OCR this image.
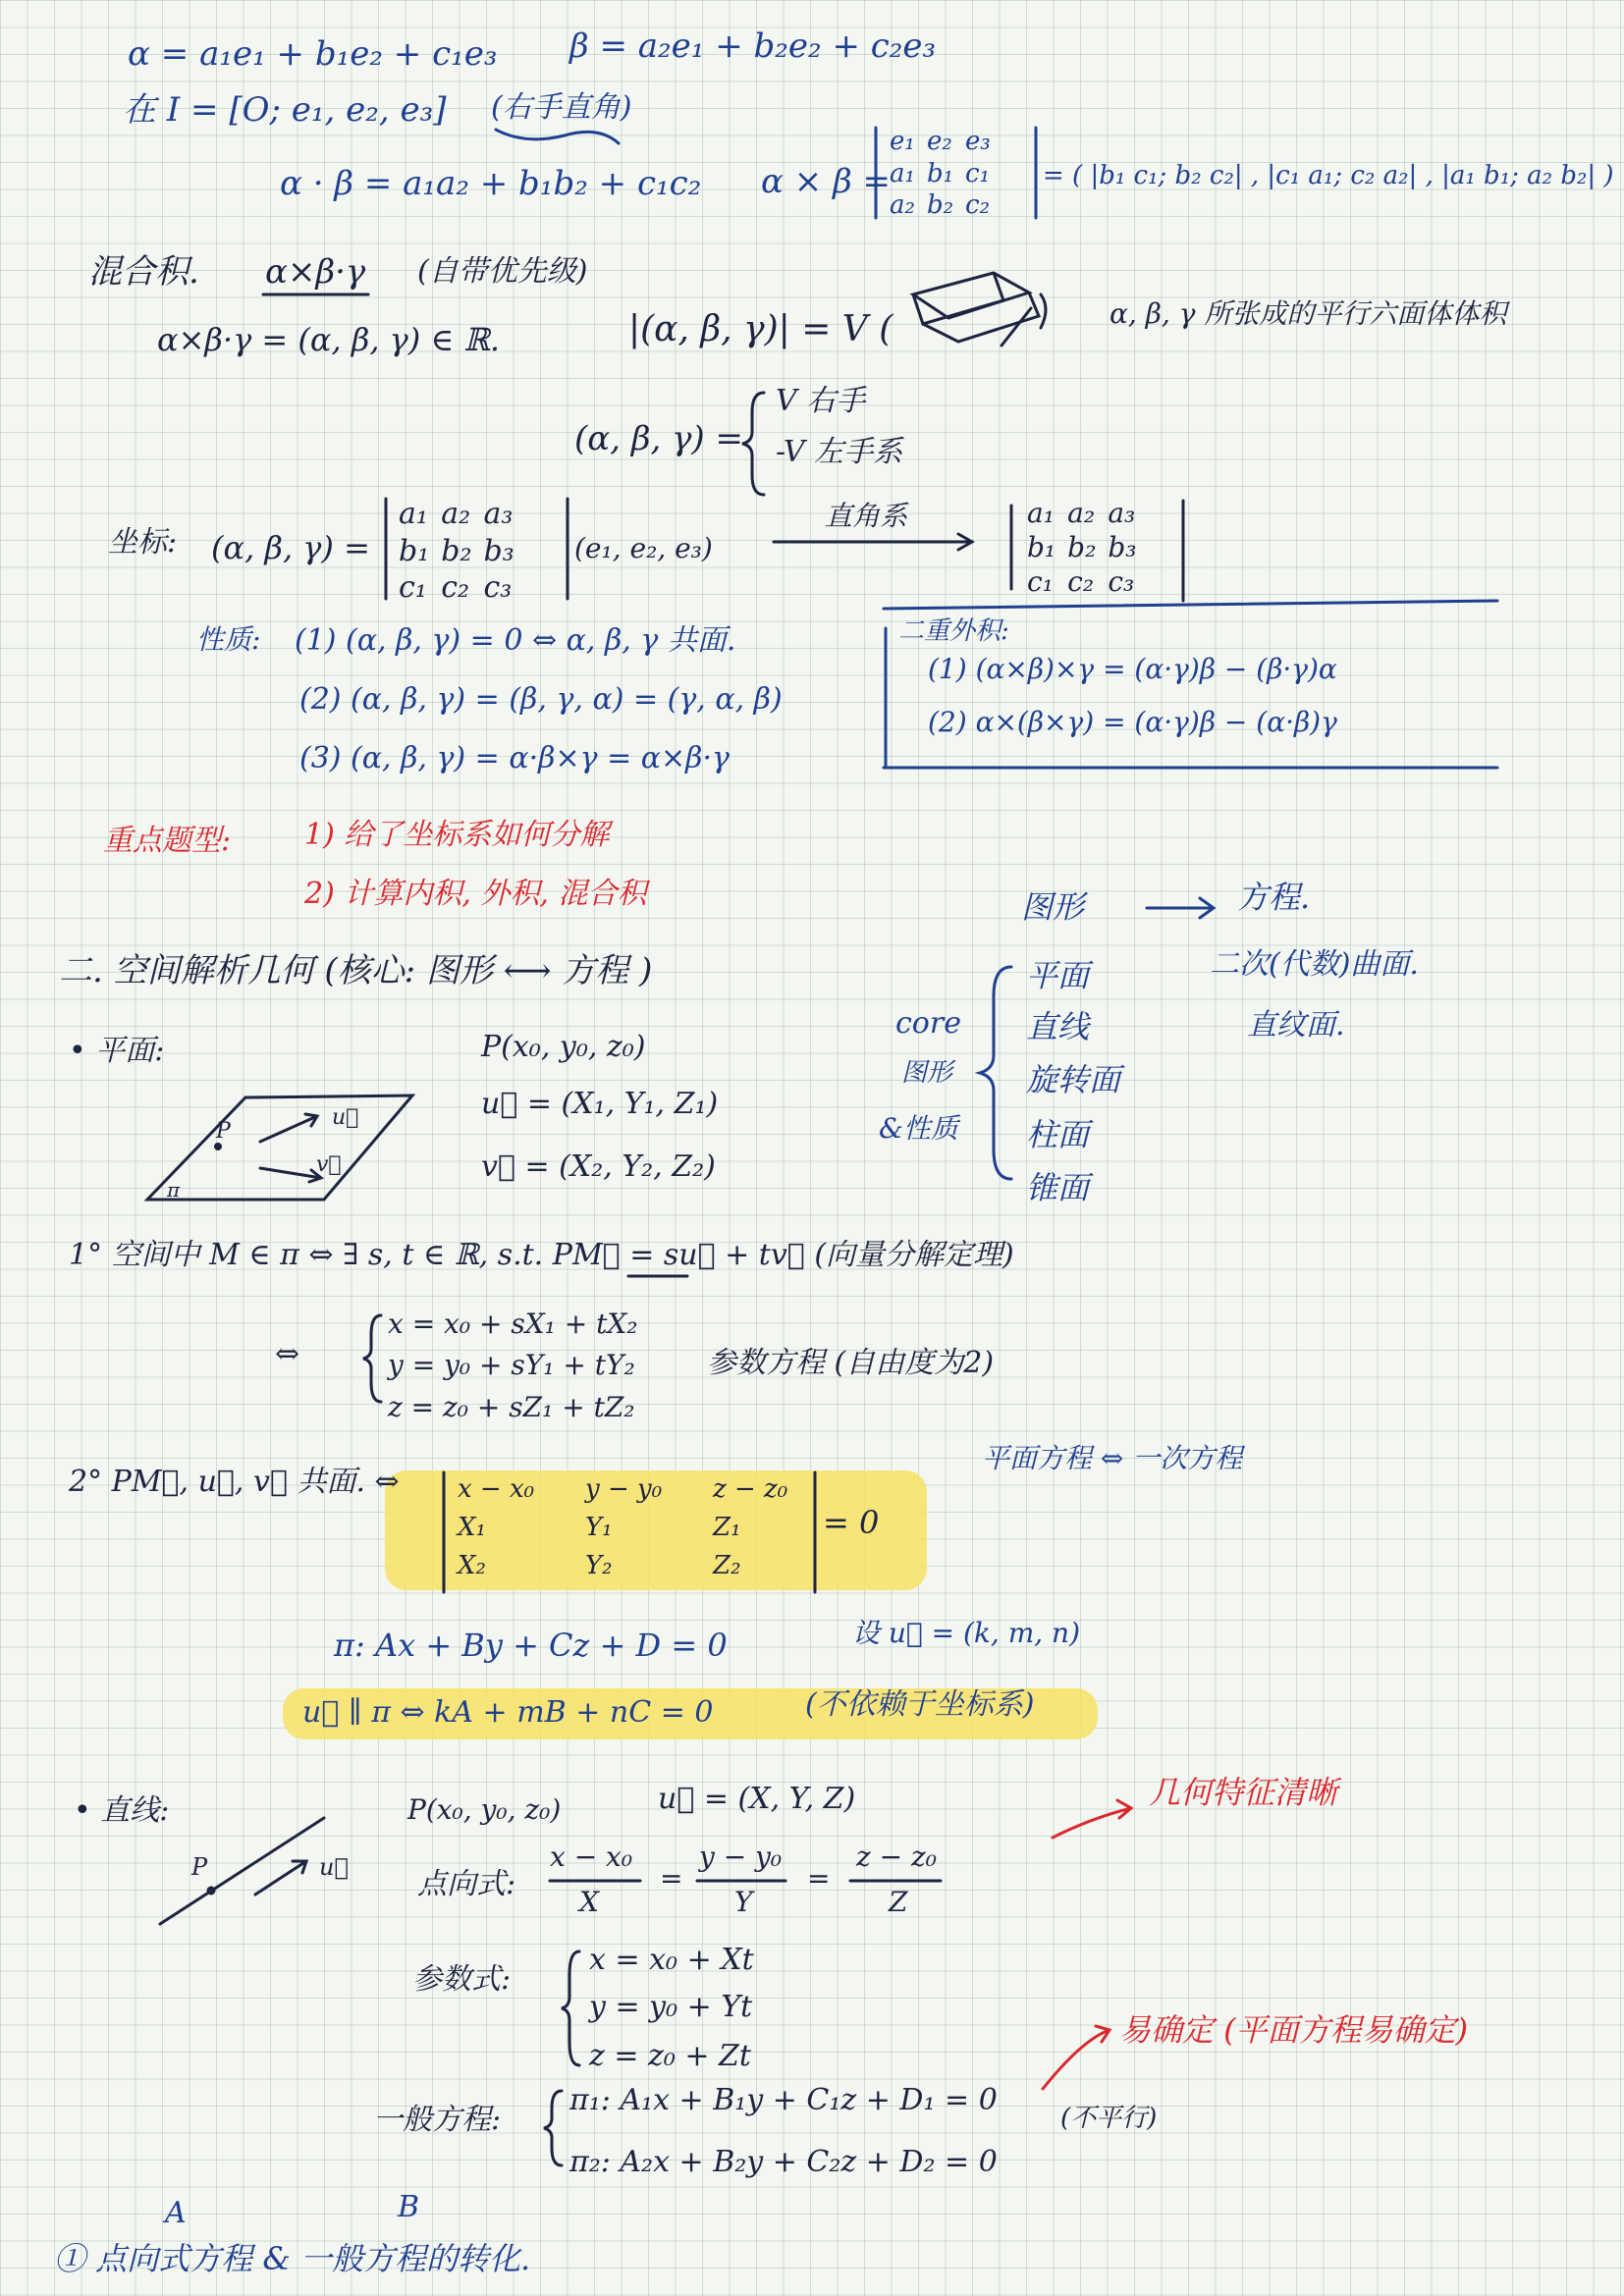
α = a₁e₁ + b₁e₂ + c₁e₃ β = a₂e₁ + b₂e₂ + c₂e₃
在 I = [O; e₁, e₂, e₃] (右手直角)
α · β = a₁a₂ + b₁b₂ + c₁c₂ α × β =
e₁ e₂ e₃
a₁ b₁ c₁
a₂ b₂ c₂
= ( |b₁ c₁; b₂ c₂| , |c₁ a₁; c₂ a₂| , |a₁ b₁; a₂ b₂| )
混合积. α×β·γ (自带优先级)
α×β·γ = (α, β, γ) ∈ ℝ.	|(α, β, γ)| = V (	α, β, γ 所张成的平行六面体体积
(α, β, γ) =
V 右手
-V 左手系
坐标: (α, β, γ) =
a₁ a₂ a₃
b₁ b₂ b₃
c₁ c₂ c₃
(e₁, e₂, e₃)
直角系	a₁ a₂ a₃
b₁ b₂ b₃
c₁ c₂ c₃
性质: (1) (α, β, γ) = 0 ⇔ α, β, γ 共面.
(2) (α, β, γ) = (β, γ, α) = (γ, α, β)
(3) (α, β, γ) = α·β×γ = α×β·γ
二重外积:
(1) (α×β)×γ = (α·γ)β − (β·γ)α
(2) α×(β×γ) = (α·γ)β − (α·β)γ
重点题型: 1) 给了坐标系如何分解
2) 计算内积, 外积, 混合积
二. 空间解析几何 (核心: 图形 ⟷ 方程 )
图形	方程.
core
图形
&性质
平面
直线
旋转面
柱面
锥面
二次(代数)曲面.
直纹面.
• 平面:	P(x₀, y₀, z₀)
u⃗ = (X₁, Y₁, Z₁)
v⃗ = (X₂, Y₂, Z₂)
P
u⃗
v⃗
π
1° 空间中 M ∈ π ⇔ ∃ s, t ∈ ℝ, s.t. PM⃗ = su⃗ + tv⃗ (向量分解定理)
⇔
x = x₀ + sX₁ + tX₂
y = y₀ + sY₁ + tY₂
z = z₀ + sZ₁ + tZ₂
参数方程 (自由度为2)
2° PM⃗, u⃗, v⃗ 共面. ⇔ x − x₀	y − y₀	z − z₀
X₁	Y₁	Z₁
X₂	Y₂	Z₂
= 0
平面方程 ⇔ 一次方程
π: Ax + By + Cz + D = 0	设 u⃗ = (k, m, n)
u⃗ ∥ π ⇔ kA + mB + nC = 0	(不依赖于坐标系)
• 直线:
P	u⃗
P(x₀, y₀, z₀)	u⃗ = (X, Y, Z)	几何特征清晰
点向式:
x − x₀
X
=
y − y₀
Y
=
z − z₀
Z
参数式:
x = x₀ + Xt
y = y₀ + Yt
z = z₀ + Zt
易确定 (平面方程易确定)
一般方程:
π₁: A₁x + B₁y + C₁z + D₁ = 0
π₂: A₂x + B₂y + C₂z + D₂ = 0
(不平行)
A	B
① 点向式方程 & 一般方程的转化.
